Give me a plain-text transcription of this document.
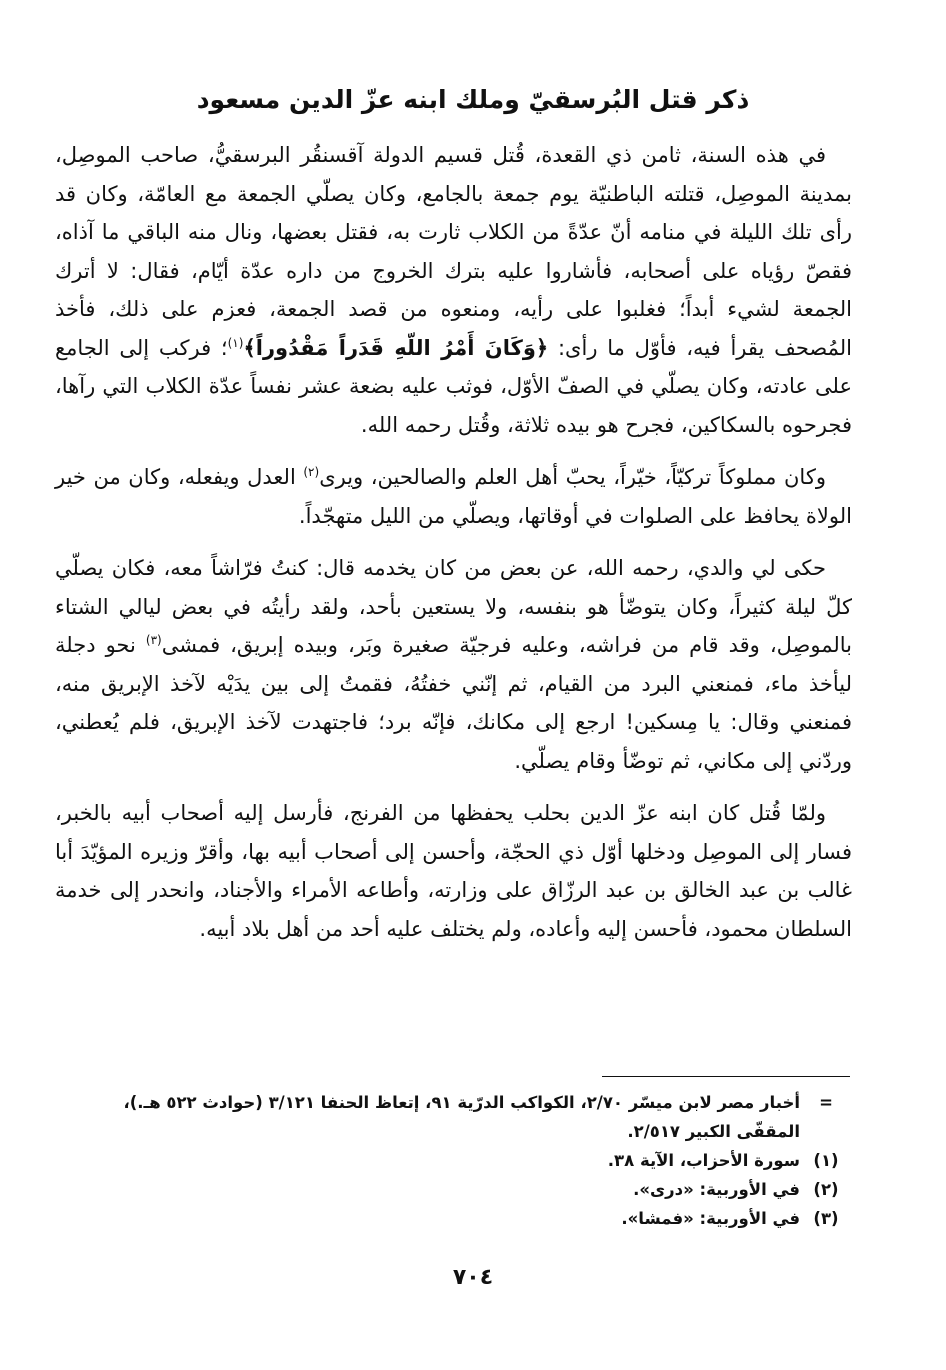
ذكر قتل البُرسقيّ وملك ابنه عزّ الدين مسعود

في هذه السنة، ثامن ذي القعدة، قُتل قسيم الدولة آقسنقُر البرسقيُّ، صاحب الموصِل، بمدينة الموصِل، قتلته الباطنيّة يوم جمعة بالجامع، وكان يصلّي الجمعة مع العامّة، وكان قد رأى تلك الليلة في منامه أنّ عدّةً من الكلاب ثارت به، فقتل بعضها، ونال منه الباقي ما آذاه، فقصّ رؤياه على أصحابه، فأشاروا عليه بترك الخروج من داره عدّة أيّام، فقال: لا أترك الجمعة لشيء أبداً؛ فغلبوا على رأيه، ومنعوه من قصد الجمعة، فعزم على ذلك، فأخذ المُصحف يقرأ فيه، فأوّل ما رأى: ﴿وَكَانَ أَمْرُ اللّهِ قَدَراً مَقْدُوراً﴾$^{(١)}$؛ فركب إلى الجامع على عادته، وكان يصلّي في الصفّ الأوّل، فوثب عليه بضعة عشر نفساً عدّة الكلاب التي رآها، فجرحوه بالسكاكين، فجرح هو بيده ثلاثة، وقُتل رحمه الله.

وكان مملوكاً تركيّاً، خيّراً، يحبّ أهل العلم والصالحين، ويرى$^{(٢)}$ العدل ويفعله، وكان من خير الولاة يحافظ على الصلوات في أوقاتها، ويصلّي من الليل متهجّداً.

حكى لي والدي، رحمه الله، عن بعض من كان يخدمه قال: كنتُ فرّاشاً معه، فكان يصلّي كلّ ليلة كثيراً، وكان يتوضّأ هو بنفسه، ولا يستعين بأحد، ولقد رأيتُه في بعض ليالي الشتاء بالموصِل، وقد قام من فراشه، وعليه فرجيّة صغيرة وبَر، وبيده إبريق، فمشى$^{(٣)}$ نحو دجلة ليأخذ ماء، فمنعني البرد من القيام، ثم إنّني خفتُهُ، فقمتُ إلى بين يدَيْه لآخذ الإبريق منه، فمنعني وقال: يا مِسكين! ارجع إلى مكانك، فإنّه برد؛ فاجتهدت لآخذ الإبريق، فلم يُعطني، وردّني إلى مكاني، ثم توضّأ وقام يصلّي.

ولمّا قُتل كان ابنه عزّ الدين بحلب يحفظها من الفرنج، فأرسل إليه أصحاب أبيه بالخبر، فسار إلى الموصِل ودخلها أوّل ذي الحجّة، وأحسن إلى أصحاب أبيه بها، وأقرّ وزيره المؤيّدَ أبا غالب بن عبد الخالق بن عبد الرزّاق على وزارته، وأطاعه الأمراء والأجناد، وانحدر إلى خدمة السلطان محمود، فأحسن إليه وأعاده، ولم يختلف عليه أحد من أهل بلاد أبيه.

=
أخبار مصر لابن ميسّر ٢/٧٠، الكواكب الدرّية ٩١، إتعاظ الحنفا ٣/١٢١ (حوادث ٥٢٢ هـ.)، المقفّى الكبير ٢/٥١٧.
(١)
سورة الأحزاب، الآية ٣٨.
(٢)
في الأوربية: «درى».
(٣)
في الأوربية: «فمشا».
٧٠٤
